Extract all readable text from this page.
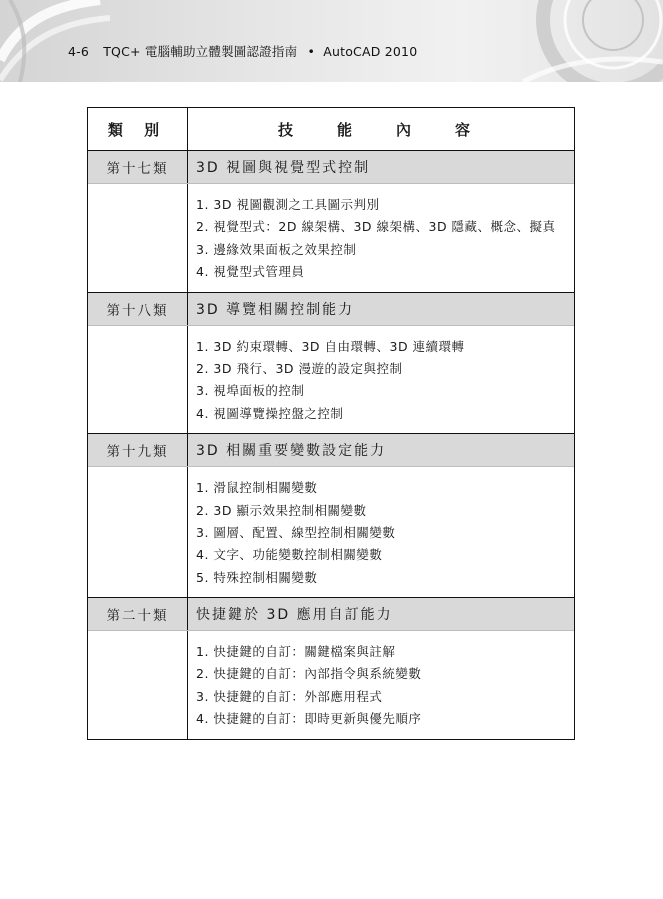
4-6 TQC+ 電腦輔助立體製圖認證指南 • AutoCAD 2010
類 別	技能內容
第十七類	3D 視圖與視覺型式控制
1. 3D 視圖觀測之工具圖示判別
2. 視覺型式：2D 線架構、3D 線架構、3D 隱藏、概念、擬真
3. 邊緣效果面板之效果控制
4. 視覺型式管理員
第十八類	3D 導覽相關控制能力
1. 3D 約束環轉、3D 自由環轉、3D 連續環轉
2. 3D 飛行、3D 漫遊的設定與控制
3. 視埠面板的控制
4. 視圖導覽操控盤之控制
第十九類	3D 相關重要變數設定能力
1. 滑鼠控制相關變數
2. 3D 顯示效果控制相關變數
3. 圖層、配置、線型控制相關變數
4. 文字、功能變數控制相關變數
5. 特殊控制相關變數
第二十類	快捷鍵於 3D 應用自訂能力
1. 快捷鍵的自訂：關鍵檔案與註解
2. 快捷鍵的自訂：內部指令與系統變數
3. 快捷鍵的自訂：外部應用程式
4. 快捷鍵的自訂：即時更新與優先順序
